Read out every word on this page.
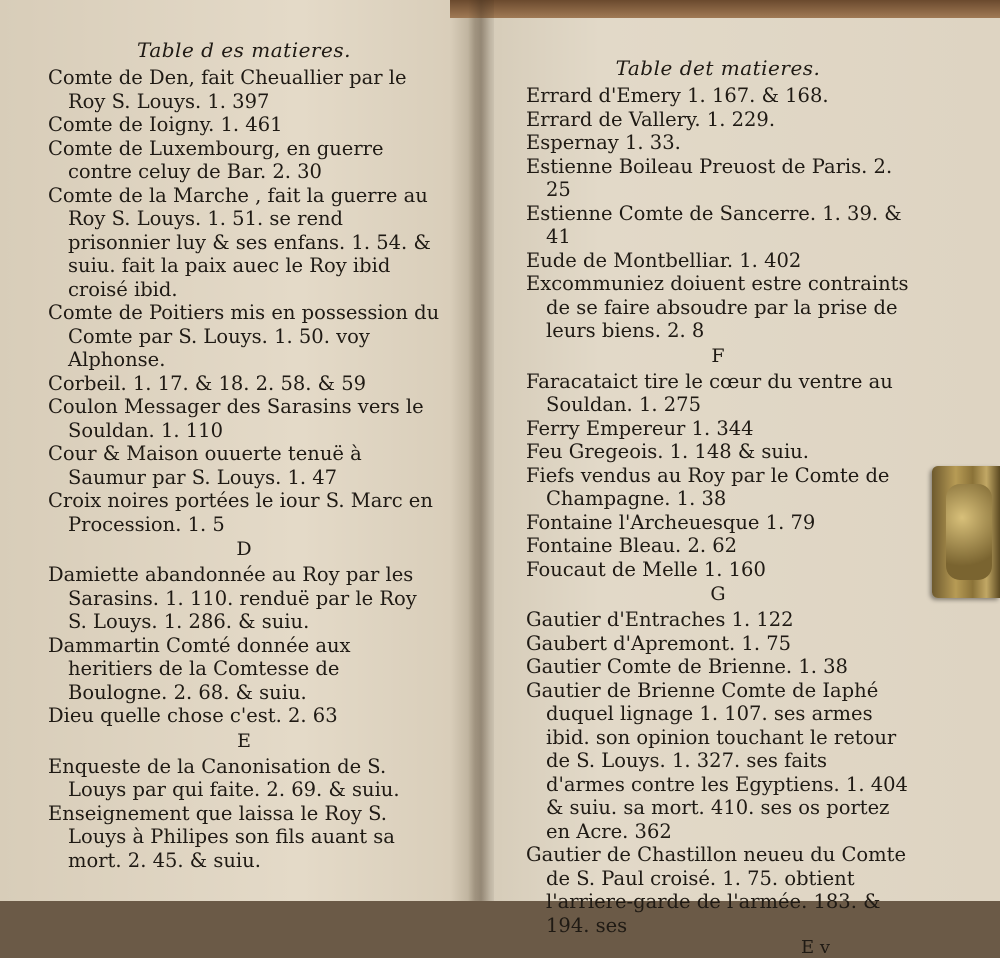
Table d es matieres.
Comte de Den, fait Cheuallier par le Roy S. Louys. 1. 397
Comte de Ioigny. 1. 461
Comte de Luxembourg, en guerre contre celuy de Bar. 2. 30
Comte de la Marche , fait la guerre au Roy S. Louys. 1. 51. se rend prisonnier luy & ses enfans. 1. 54. & suiu. fait la paix auec le Roy ibid croisé ibid.
Comte de Poitiers mis en possession du Comte par S. Louys. 1. 50. voy Alphonse.
Corbeil. 1. 17. & 18. 2. 58. & 59
Coulon Messager des Sarasins vers le Souldan. 1. 110
Cour & Maison ouuerte tenuë à Saumur par S. Louys. 1. 47
Croix noires portées le iour S. Marc en Procession. 1. 5
D
Damiette abandonnée au Roy par les Sarasins. 1. 110. renduë par le Roy S. Louys. 1. 286. & suiu.
Dammartin Comté donnée aux heritiers de la Comtesse de Boulogne. 2. 68. & suiu.
Dieu quelle chose c'est. 2. 63
E
Enqueste de la Canonisation de S. Louys par qui faite. 2. 69. & suiu.
Enseignement que laissa le Roy S. Louys à Philipes son fils auant sa mort. 2. 45. & suiu.
Table det matieres.
Errard d'Emery 1. 167. & 168.
Errard de Vallery. 1. 229.
Espernay 1. 33.
Estienne Boileau Preuost de Paris. 2. 25
Estienne Comte de Sancerre. 1. 39. & 41
Eude de Montbelliar. 1. 402
Excommuniez doiuent estre contraints de se faire absoudre par la prise de leurs biens. 2. 8
F
Faracataict tire le cœur du ventre au Souldan. 1. 275
Ferry Empereur 1. 344
Feu Gregeois. 1. 148 & suiu.
Fiefs vendus au Roy par le Comte de Champagne. 1. 38
Fontaine l'Archeuesque 1. 79
Fontaine Bleau. 2. 62
Foucaut de Melle 1. 160
G
Gautier d'Entraches 1. 122
Gaubert d'Apremont. 1. 75
Gautier Comte de Brienne. 1. 38
Gautier de Brienne Comte de Iaphé duquel lignage 1. 107. ses armes ibid. son opinion touchant le retour de S. Louys. 1. 327. ses faits d'armes contre les Egyptiens. 1. 404 & suiu. sa mort. 410. ses os portez en Acre. 362
Gautier de Chastillon neueu du Comte de S. Paul croisé. 1. 75. obtient l'arriere-garde de l'armée. 183. & 194. ses
E v
